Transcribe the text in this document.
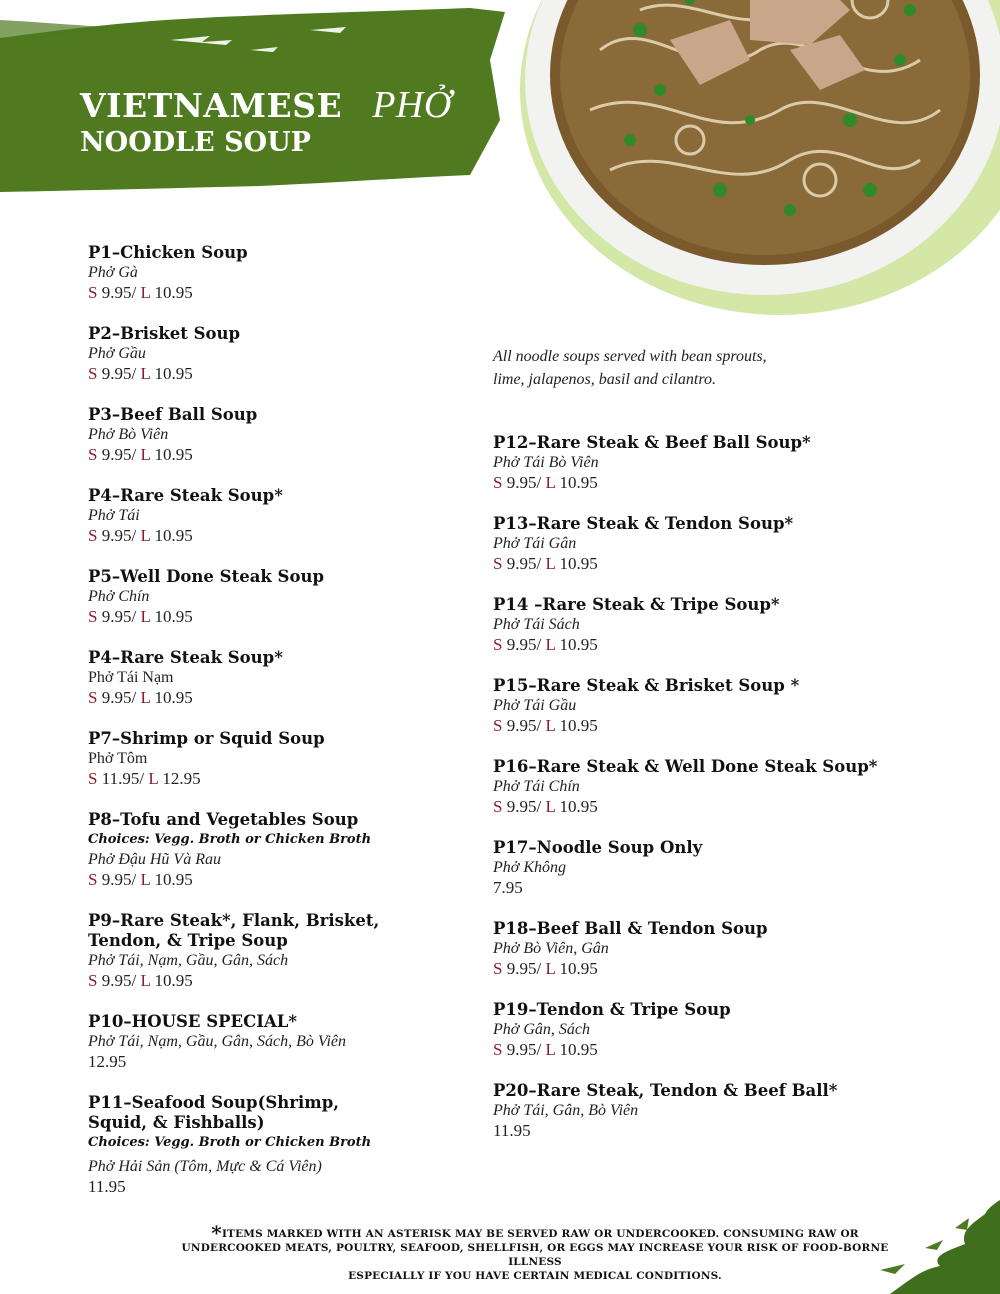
VIETNAMESE PHỞ
NOODLE SOUP
All noodle soups served with bean sprouts,
lime, jalapenos, basil and cilantro.
P1–Chicken Soup
Phở Gà
S 9.95/ L 10.95
P2–Brisket Soup
Phở Gầu
S 9.95/ L 10.95
P3–Beef Ball Soup
Phở Bò Viên
S 9.95/ L 10.95
P4–Rare Steak Soup*
Phở Tái
S 9.95/ L 10.95
P5–Well Done Steak Soup
Phở Chín
S 9.95/ L 10.95
P4–Rare Steak Soup*
Phở Tái Nạm
S 9.95/ L 10.95
P7–Shrimp or Squid Soup
Phở Tôm
S 11.95/ L 12.95
P8–Tofu and Vegetables Soup
Choices: Vegg. Broth or Chicken Broth
Phở Đậu Hũ Và Rau
S 9.95/ L 10.95
P9–Rare Steak*, Flank, Brisket,
Tendon, & Tripe Soup
Phở Tái, Nạm, Gầu, Gân, Sách
S 9.95/ L 10.95
P10–HOUSE SPECIAL*
Phở Tái, Nạm, Gầu, Gân, Sách, Bò Viên
12.95
P11–Seafood Soup(Shrimp,
Squid, & Fishballs)
Choices: Vegg. Broth or Chicken Broth
Phở Hải Sản (Tôm, Mực & Cá Viên)
11.95
P12–Rare Steak & Beef Ball Soup*
Phở Tái Bò Viên
S 9.95/ L 10.95
P13–Rare Steak & Tendon Soup*
Phở Tái Gân
S 9.95/ L 10.95
P14 –Rare Steak & Tripe Soup*
Phở Tái Sách
S 9.95/ L 10.95
P15–Rare Steak & Brisket Soup *
Phở Tái Gầu
S 9.95/ L 10.95
P16–Rare Steak & Well Done Steak Soup*
Phở Tái Chín
S 9.95/ L 10.95
P17–Noodle Soup Only
Phở Không
7.95
P18–Beef Ball & Tendon Soup
Phở Bò Viên, Gân
S 9.95/ L 10.95
P19–Tendon & Tripe Soup
Phở Gân, Sách
S 9.95/ L 10.95
P20–Rare Steak, Tendon & Beef Ball*
Phở Tái, Gân, Bò Viên
11.95
*ITEMS MARKED WITH AN ASTERISK MAY BE SERVED RAW OR UNDERCOOKED. CONSUMING RAW OR
UNDERCOOKED MEATS, POULTRY, SEAFOOD, SHELLFISH, OR EGGS MAY INCREASE YOUR RISK OF FOOD-BORNE ILLNESS
ESPECIALLY IF YOU HAVE CERTAIN MEDICAL CONDITIONS.
